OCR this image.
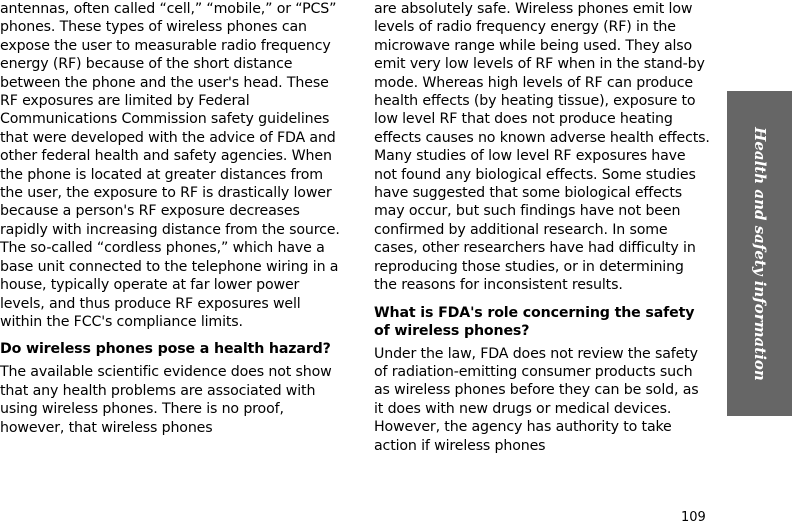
antennas, often called “cell,” “mobile,” or “PCS” phones. These types of wireless phones can expose the user to measurable radio frequency energy (RF) because of the short distance between the phone and the user's head. These RF exposures are limited by Federal Communications Commission safety guidelines that were developed with the advice of FDA and other federal health and safety agencies. When the phone is located at greater distances from the user, the exposure to RF is drastically lower because a person's RF exposure decreases rapidly with increasing distance from the source. The so-called “cordless phones,” which have a base unit connected to the telephone wiring in a house, typically operate at far lower power levels, and thus produce RF exposures well within the FCC's compliance limits.

Do wireless phones pose a health hazard?

The available scientific evidence does not show that any health problems are associated with using wireless phones. There is no proof, however, that wireless phones

are absolutely safe. Wireless phones emit low levels of radio frequency energy (RF) in the microwave range while being used. They also emit very low levels of RF when in the stand-by mode. Whereas high levels of RF can produce health effects (by heating tissue), exposure to low level RF that does not produce heating effects causes no known adverse health effects. Many studies of low level RF exposures have not found any biological effects. Some studies have suggested that some biological effects may occur, but such findings have not been confirmed by additional research. In some cases, other researchers have had difficulty in reproducing those studies, or in determining the reasons for inconsistent results.

What is FDA's role concerning the safety of wireless phones?

Under the law, FDA does not review the safety of radiation-emitting consumer products such as wireless phones before they can be sold, as it does with new drugs or medical devices. However, the agency has authority to take action if wireless phones

Health and safety information
109
